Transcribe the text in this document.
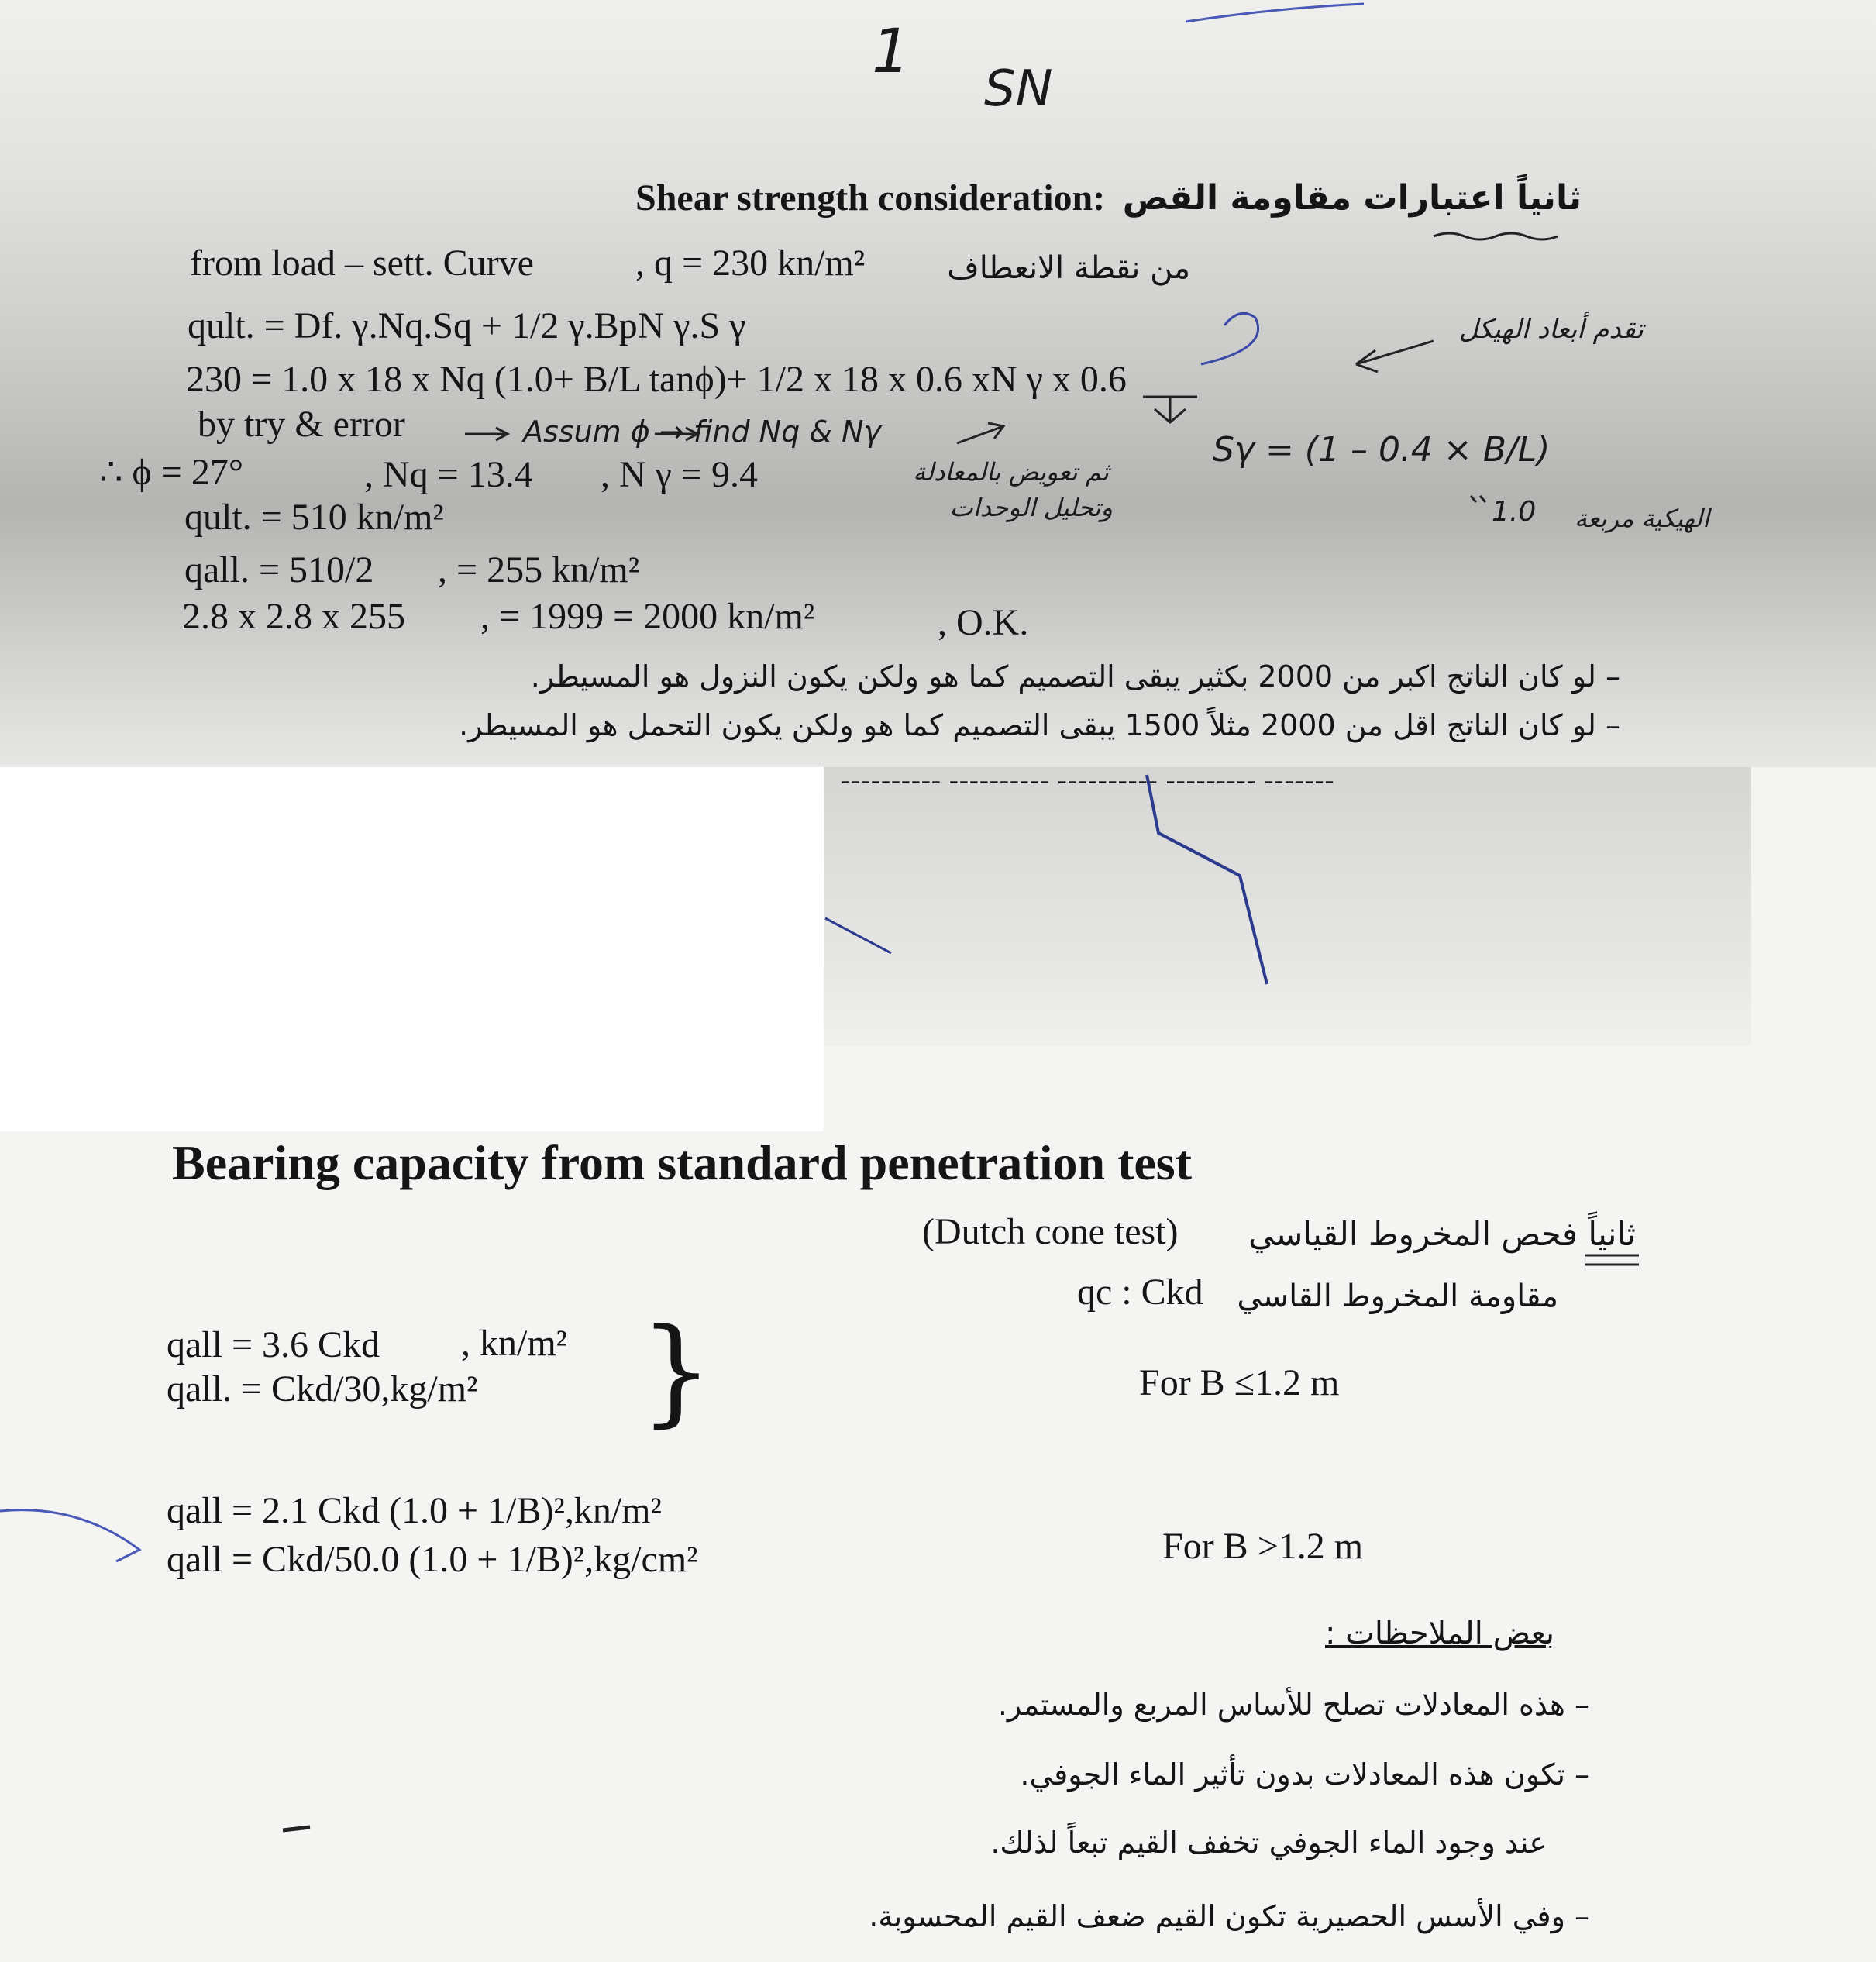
1
SN
Shear strength consideration: ثانياً اعتبارات مقاومة القص
from load – sett. Curve	, q = 230 kn/m²	من نقطة الانعطاف
qult. = Df. γ.Nq.Sq + 1/2 γ.BpN γ.S γ
230 = 1.0 x 18 x Nq (1.0+ B/L tanϕ)+ 1/2 x 18 x 0.6 xN γ x 0.6
by try & error
∴ ϕ = 27°	, Nq = 13.4 , N γ = 9.4
qult. = 510 kn/m²
qall. = 510/2 , = 255 kn/m²
2.8 x 2.8 x 255 , = 1999 = 2000 kn/m²	, O.K.
– لو كان الناتج اكبر من 2000 بكثير يبقى التصميم كما هو ولكن يكون النزول هو المسيطر.
– لو كان الناتج اقل من 2000 مثلاً 1500 يبقى التصميم كما هو ولكن يكون التحمل هو المسيطر.
---------- ---------- ---------- --------- -------
Assum ϕ → find Nq & Nγ	Sγ = (1 – 0.4 × B/L)
1.0
تقدم أبعاد الهيكل
ثم تعويض بالمعادلة
وتحليل الوحدات	الهيكية مربعة
Bearing capacity from standard penetration test
ثانياً فحص المخروط القياسي
(Dutch cone test)
مقاومة المخروط القاسي
qc : Ckd
qall = 3.6 Ckd , kn/m²
qall. = Ckd/30,kg/m² }	For B ≤1.2 m
qall = 2.1 Ckd (1.0 + 1/B)²,kn/m²
qall = Ckd/50.0 (1.0 + 1/B)²,kg/cm²	For B >1.2 m
بعض الملاحظات :
– هذه المعادلات تصلح للأساس المربع والمستمر.
– تكون هذه المعادلات بدون تأثير الماء الجوفي.
عند وجود الماء الجوفي تخفف القيم تبعاً لذلك.
– وفي الأسس الحصيرية تكون القيم ضعف القيم المحسوبة.
